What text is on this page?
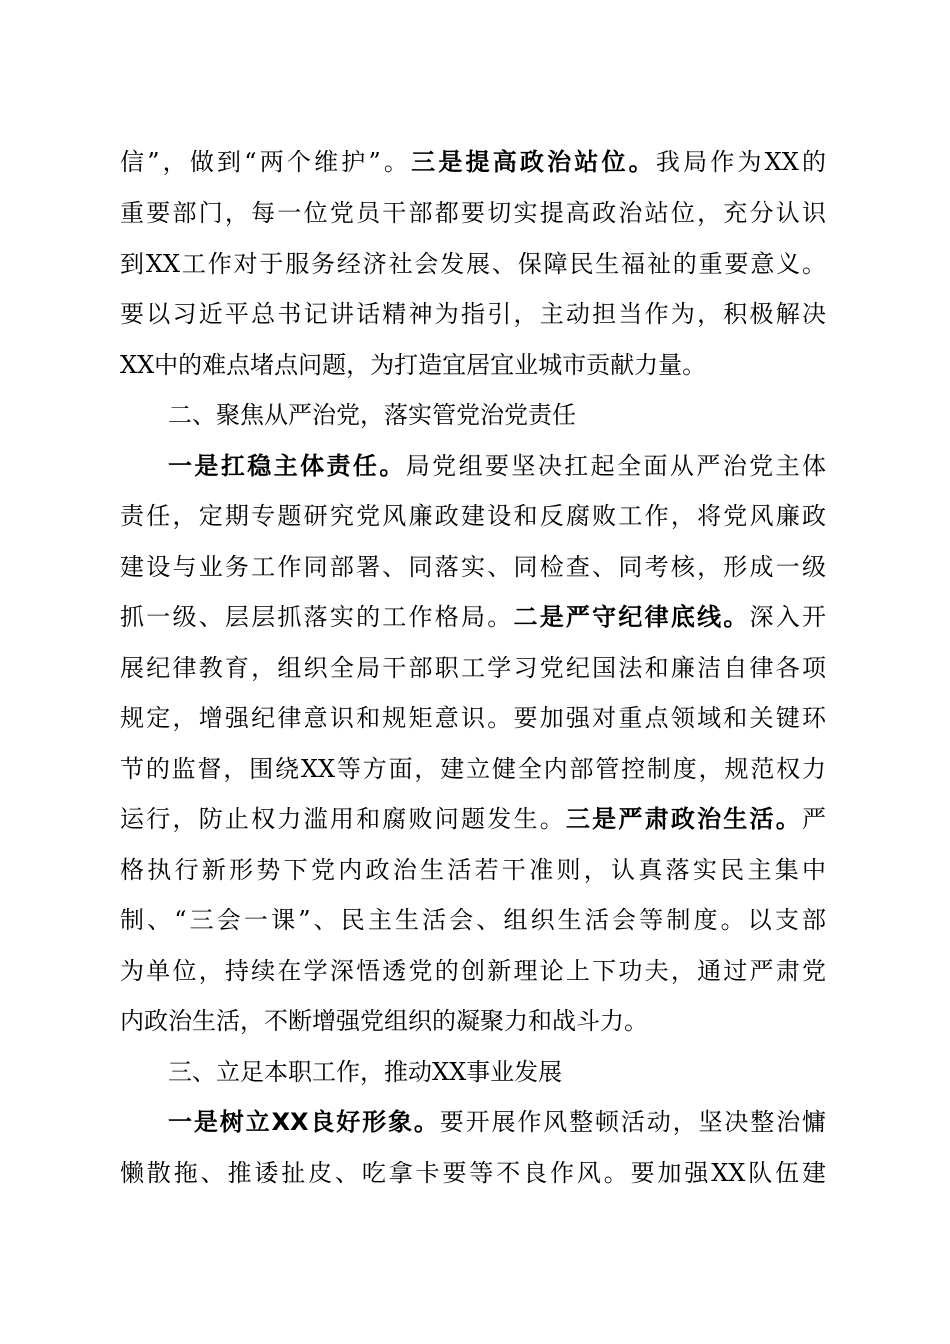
信”，做到“两个维护”。三是提高政治站位。我局作为XX的
重要部门，每一位党员干部都要切实提高政治站位，充分认识
到XX工作对于服务经济社会发展、保障民生福祉的重要意义。
要以习近平总书记讲话精神为指引，主动担当作为，积极解决
XX中的难点堵点问题，为打造宜居宜业城市贡献力量。
二、聚焦从严治党，落实管党治党责任
一是扛稳主体责任。局党组要坚决扛起全面从严治党主体
责任，定期专题研究党风廉政建设和反腐败工作，将党风廉政
建设与业务工作同部署、同落实、同检查、同考核，形成一级
抓一级、层层抓落实的工作格局。二是严守纪律底线。深入开
展纪律教育，组织全局干部职工学习党纪国法和廉洁自律各项
规定，增强纪律意识和规矩意识。要加强对重点领域和关键环
节的监督，围绕XX等方面，建立健全内部管控制度，规范权力
运行，防止权力滥用和腐败问题发生。三是严肃政治生活。严
格执行新形势下党内政治生活若干准则，认真落实民主集中
制、“三会一课”、民主生活会、组织生活会等制度。以支部
为单位，持续在学深悟透党的创新理论上下功夫，通过严肃党
内政治生活，不断增强党组织的凝聚力和战斗力。
三、立足本职工作，推动XX事业发展
一是树立XX良好形象。要开展作风整顿活动，坚决整治慵
懒散拖、推诿扯皮、吃拿卡要等不良作风。要加强XX队伍建
